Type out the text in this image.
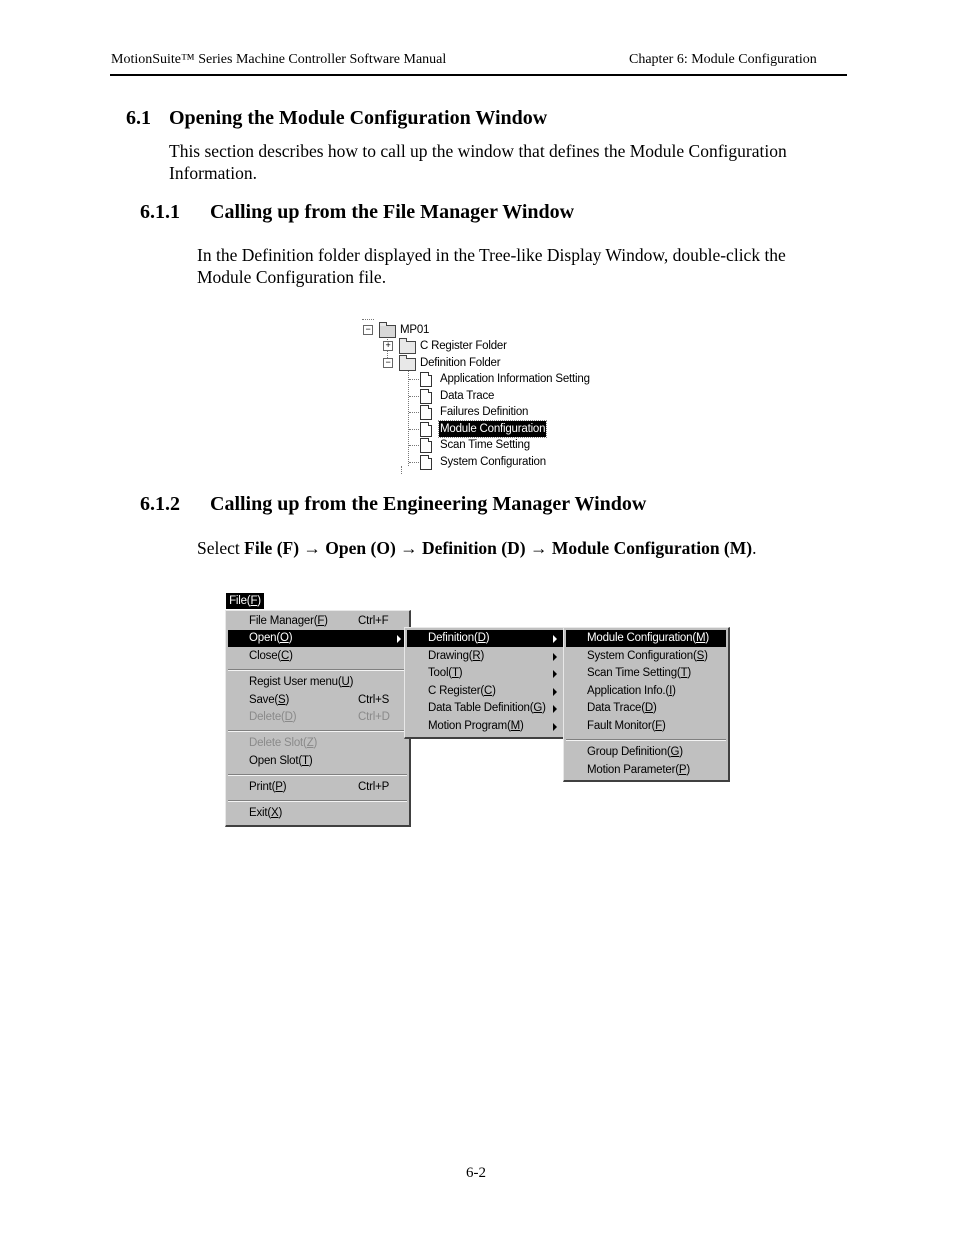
MotionSuite™ Series Machine Controller Software Manual	Chapter 6: Module Configuration
6.1 Opening the Module Configuration Window
This section describes how to call up the window that defines the Module Configuration
Information.
6.1.1 Calling up from the File Manager Window
In the Definition folder displayed in the Tree-like Display Window, double-click the
Module Configuration file.
−	MP01
+	C Register Folder
−	Definition Folder
Application Information Setting
Data Trace
Failures Definition
Module Configuration
Scan Time Setting
System Configuration
6.1.2 Calling up from the Engineering Manager Window
Select File (F) → Open (O) → Definition (D) → Module Configuration (M).
File(F)
File Manager(F)	Ctrl+F
Open(O)
Close(C)
Regist User menu(U)
Save(S)	Ctrl+S
Delete(D)	Ctrl+D
Delete Slot(Z)
Open Slot(T)
Print(P)	Ctrl+P
Exit(X)
Definition(D)
Drawing(R)
Tool(T)
C Register(C)
Data Table Definition(G)
Motion Program(M)
Module Configuration(M)
System Configuration(S)
Scan Time Setting(T)
Application Info.(I)
Data Trace(D)
Fault Monitor(F)
Group Definition(G)
Motion Parameter(P)
6-2
